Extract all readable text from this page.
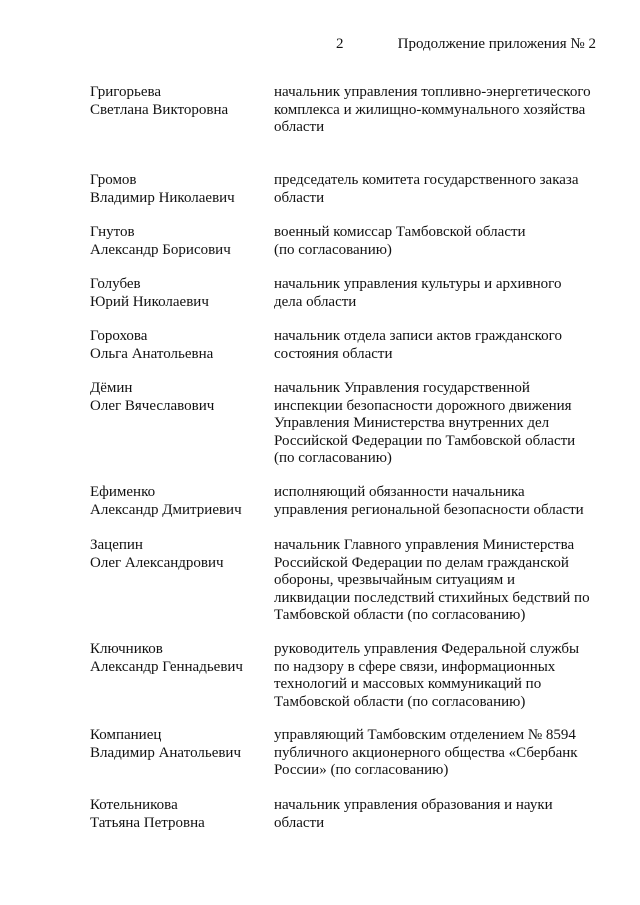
2	Продолжение приложения № 2
Григорьева
Светлана Викторовна
начальник управления топливно-энергетического
комплекса и жилищно-коммунального хозяйства
области
Громов
Владимир Николаевич
председатель комитета государственного заказа
области
Гнутов
Александр Борисович
военный комиссар Тамбовской области
(по согласованию)
Голубев
Юрий Николаевич
начальник управления культуры и архивного
дела области
Горохова
Ольга Анатольевна
начальник отдела записи актов гражданского
состояния области
Дёмин
Олег Вячеславович
начальник Управления государственной
инспекции безопасности дорожного движения
Управления Министерства внутренних дел
Российской Федерации по Тамбовской области
(по согласованию)
Ефименко
Александр Дмитриевич
исполняющий обязанности начальника
управления региональной безопасности области
Зацепин
Олег Александрович
начальник Главного управления Министерства
Российской Федерации по делам гражданской
обороны, чрезвычайным ситуациям и
ликвидации последствий стихийных бедствий по
Тамбовской области (по согласованию)
Ключников
Александр Геннадьевич
руководитель управления Федеральной службы
по надзору в сфере связи, информационных
технологий и массовых коммуникаций по
Тамбовской области (по согласованию)
Компаниец
Владимир Анатольевич
управляющий Тамбовским отделением № 8594
публичного акционерного общества «Сбербанк
России» (по согласованию)
Котельникова
Татьяна Петровна
начальник управления образования и науки
области
